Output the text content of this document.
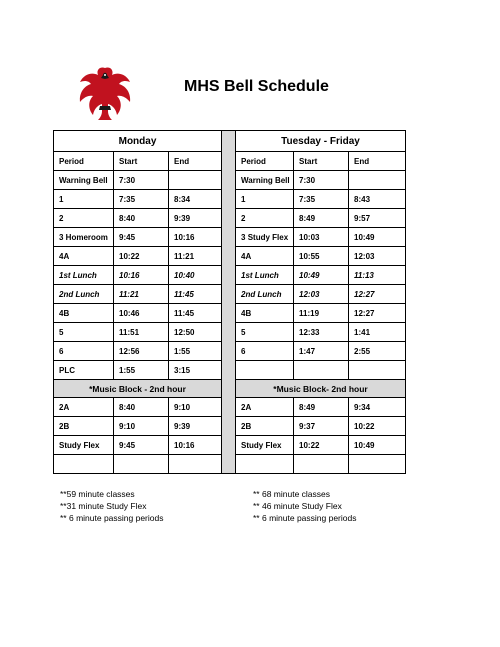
MHS Bell Schedule
Monday				Tuesday - Friday		
Period	Start	End		Period	Start	End
Warning Bell	7:30			Warning Bell	7:30	
1	7:35	8:34		1	7:35	8:43
2	8:40	9:39		2	8:49	9:57
3 Homeroom	9:45	10:16		3 Study Flex	10:03	10:49
4A	10:22	11:21		4A	10:55	12:03
1st Lunch	10:16	10:40		1st Lunch	10:49	11:13
2nd Lunch	11:21	11:45		2nd Lunch	12:03	12:27
4B	10:46	11:45		4B	11:19	12:27
5	11:51	12:50		5	12:33	1:41
6	12:56	1:55		6	1:47	2:55
PLC	1:55	3:15				
*Music Block - 2nd hour				*Music Block- 2nd hour		
2A	8:40	9:10		2A	8:49	9:34
2B	9:10	9:39		2B	9:37	10:22
Study Flex	9:45	10:16		Study Flex	10:22	10:49

**59 minute classes
**31 minute Study Flex
** 6 minute passing periods
** 68 minute classes
** 46 minute Study Flex
** 6 minute passing periods
